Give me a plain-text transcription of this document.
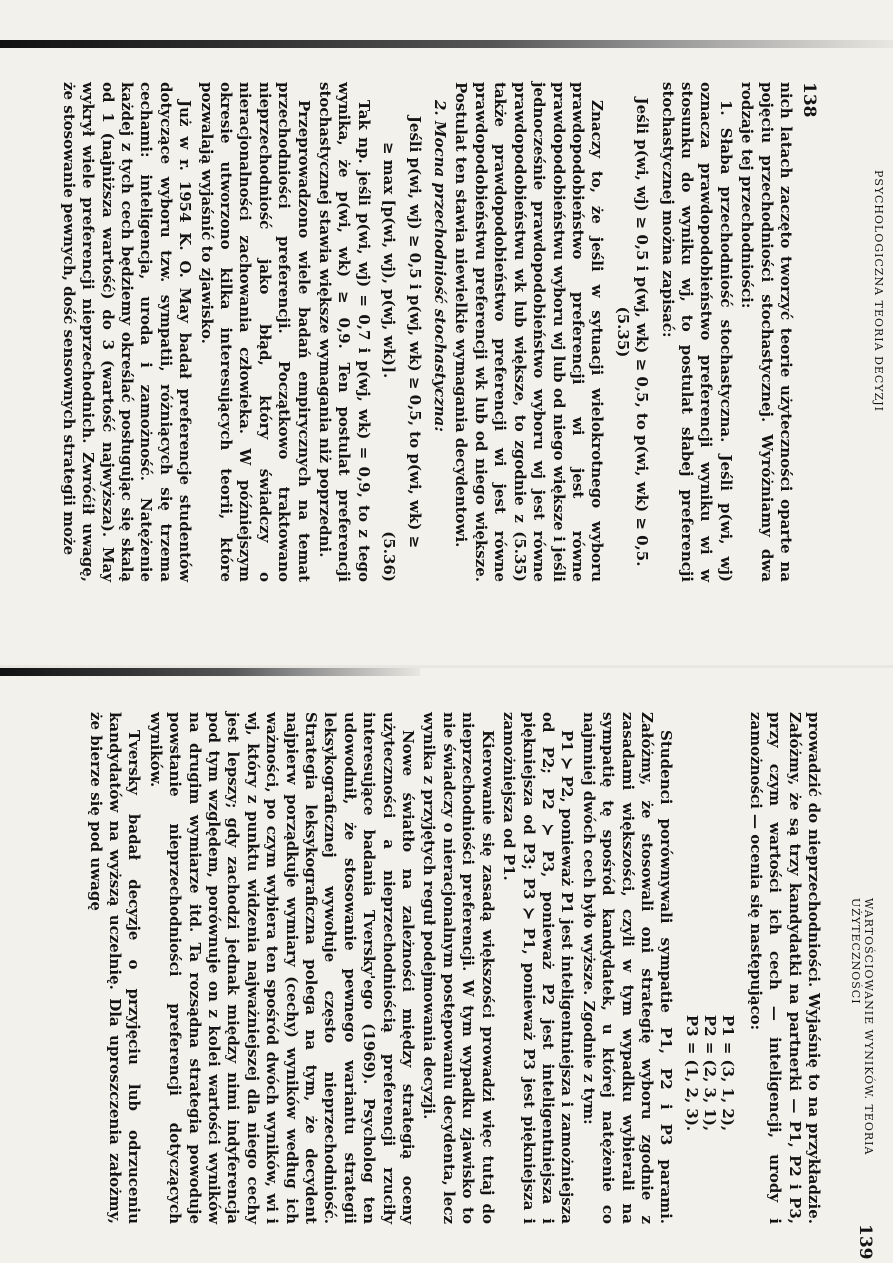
PSYCHOLOGICZNA TEORIA DECYZJI
138

nich latach zaczęto tworzyć teorie użyteczności oparte na pojęciu przechodniości stochastycznej. Wyróżniamy dwa rodzaje tej przechodniości:

1. Słaba przechodniość stochastyczna. Jeśli p(wi, wj) oznacza prawdopodobieństwo preferencji wyniku wi w stosunku do wyniku wj, to postulat słabej preferencji stochastycznej można zapisać:

Jeśli p(wi, wj) ≥ 0,5 i p(wj, wk) ≥ 0,5, to p(wi, wk) ≥ 0,5. (5.35)

Znaczy to, że jeśli w sytuacji wielokrotnego wyboru prawdopodobieństwo preferencji wi jest równe prawdopodobieństwu wyboru wj lub od niego większe i jeśli jednocześnie prawdopodobieństwo wyboru wj jest równe prawdopodobieństwu wk lub większe, to zgodnie z (5.35) także prawdopodobieństwo preferencji wi jest równe prawdopodobieństwu preferencji wk lub od niego większe. Postulat ten stawia niewielkie wymagania decydentowi.

2. Mocna przechodniość stochastyczna:

Jeśli p(wi, wj) ≥ 0,5 i p(wj, wk) ≥ 0,5, to p(wi, wk) ≥

≥ max [p(wi, wj), p(wj, wk)].
(5.36)

Tak np. jeśli p(wi, wj) = 0,7 i p(wj, wk) = 0,9, to z tego wynika, że p(wi, wk) ≥ 0,9. Ten postulat preferencji stochastycznej stawia większe wymagania niż poprzedni.

Przeprowadzono wiele badań empirycznych na temat przechodniości preferencji. Początkowo traktowano nieprzechodniość jako błąd, który świadczy o nieracjonalności zachowania człowieka. W późniejszym okresie utworzono kilka interesujących teorii, które pozwalają wyjaśnić to zjawisko.

Już w r. 1954 K. O. May badał preferencje studentów dotyczące wyboru tzw. sympatii, różniących się trzema cechami: inteligencja, uroda i zamożność. Natężenie każdej z tych cech będziemy określać posługując się skalą od 1 (najniższa wartość) do 3 (wartość najwyższa). May wykrył wiele preferencji nieprzechodnich. Zwróćił uwagę, że stosowanie pewnych, dość sensownych strategii może

WARTOŚCIOWANIE WYNIKÓW. TEORIA UŻYTECZNOŚCI
139

prowadzić do nieprzechodniości. Wyjaśnię to na przykładzie. Załóżmy, że są trzy kandydatki na partnerki — P1, P2 i P3, przy czym wartości ich cech — inteligencji, urody i zamożności — ocenia się następująco:

P1 = (3, 1, 2),
P2 = (2, 3, 1),
P3 = (1, 2, 3).

Studenci porównywali sympatie P1, P2 i P3 parami. Załóżmy, że stosowali oni strategię wyboru zgodnie z zasadami większości, czyli w tym wypadku wybierali na sympatię tę spośród kandydatek, u której natężenie co najmniej dwóch cech było wyższe. Zgodnie z tym:

P1 ≻ P2, ponieważ P1 jest inteligentniejsza i zamożniejsza od P2; P2 ≻ P3, ponieważ P2 jest inteligentniejsza i piękniejsza od P3; P3 ≻ P1, ponieważ P3 jest piękniejsza i zamożniejsza od P1.

Kierowanie się zasadą większości prowadzi więc tutaj do nieprzechodniości preferencji. W tym wypadku zjawisko to nie świadczy o nieracjonalnym postępowaniu decydenta, lecz wynika z przyjętych reguł podejmowania decyzji.

Nowe światło na zależności między strategią oceny użyteczności a nieprzechodniością preferencji rzuciły interesujące badania Tversky'ego (1969). Psycholog ten udowodnił, że stosowanie pewnego wariantu strategii leksykograficznej wywołuje często nieprzechodniość. Strategia leksykograficzna polega na tym, że decydent najpierw porządkuje wymiary (cechy) wyników według ich ważności, po czym wybiera ten spośród dwóch wyników, wi i wj, który z punktu widzenia najważniejszej dla niego cechy jest lepszy; gdy zachodzi jednak między nimi indyferencja pod tym względem, porównuje on z kolei wartości wyników na drugim wymiarze itd. Ta rozsądna strategia powoduje powstanie nieprzechodniości preferencji dotyczących wyników.

Tversky badał decyzje o przyjęciu lub odrzuceniu kandydatów na wyższą uczelnię. Dla uproszczenia założmy, że bierze się pod uwagę
